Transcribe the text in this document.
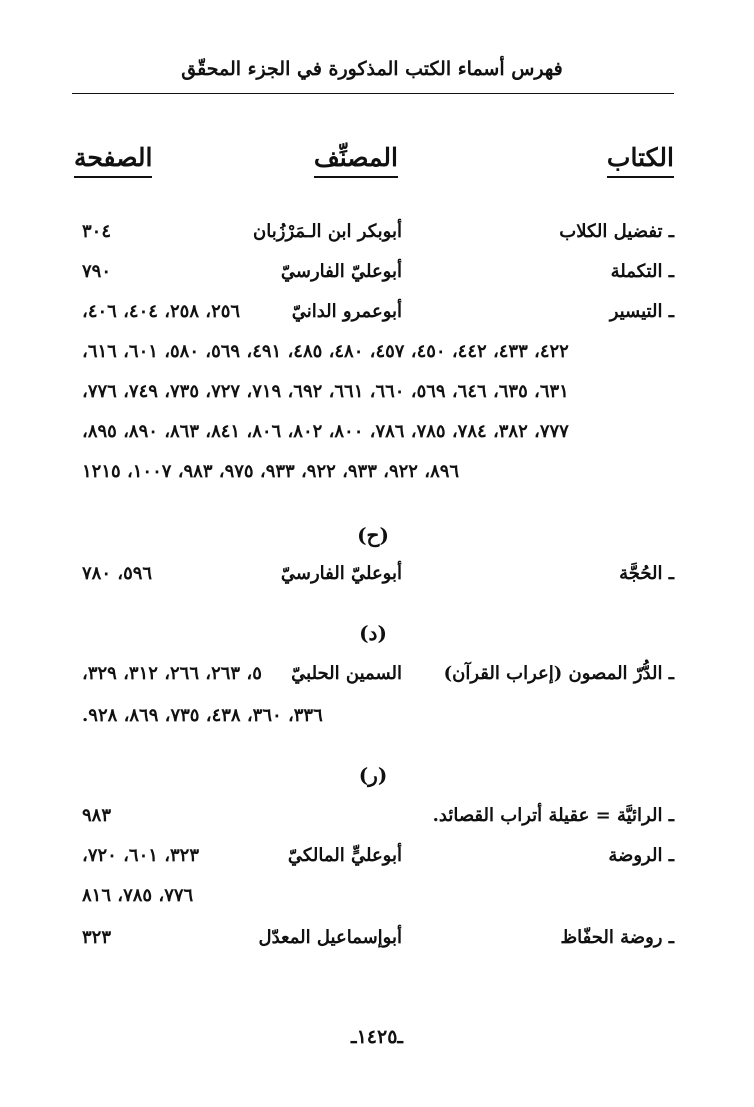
فهرس أسماء الكتب المذكورة في الجزء المحقّق
الكتاب
المصنِّف
الصفحة
ـ تفضيل الكلاب
أبوبكر ابن الـمَرْزُبان
٣٠٤
ـ التكملة
أبوعليّ الفارسيّ
٧٩٠
ـ التيسير
أبوعمرو الدانيّ
٢٥٦، ٢٥٨، ٤٠٤، ٤٠٦،
٤٢٢، ٤٣٣، ٤٤٢، ٤٥٠، ٤٥٧، ٤٨٠، ٤٨٥، ٤٩١، ٥٦٩، ٥٨٠، ٦٠١، ٦١٦،
٦٣١، ٦٣٥، ٦٤٦، ٥٦٩، ٦٦٠، ٦٦١، ٦٩٢، ٧١٩، ٧٢٧، ٧٣٥، ٧٤٩، ٧٧٦،
٧٧٧، ٣٨٢، ٧٨٤، ٧٨٥، ٧٨٦، ٨٠٠، ٨٠٢، ٨٠٦، ٨٤١، ٨٦٣، ٨٩٠، ٨٩٥،
٨٩٦، ٩٢٢، ٩٣٣، ٩٢٢، ٩٣٣، ٩٧٥، ٩٨٣، ١٠٠٧، ١٢١٥
(ح)
ـ الحُجَّة
أبوعليّ الفارسيّ
٥٩٦، ٧٨٠
(د)
ـ الدُّرّ المصون (إعراب القرآن)
السمين الحلبيّ
٥، ٢٦٣، ٢٦٦، ٣١٢، ٣٢٩،
٣٣٦، ٣٦٠، ٤٣٨، ٧٣٥، ٨٦٩، ٩٢٨.
(ر)
ـ الرائيَّة = عقيلة أتراب القصائد.
٩٨٣
ـ الروضة
أبوعليٍّ المالكيّ
٣٢٣، ٦٠١، ٧٢٠،
٧٧٦، ٧٨٥، ٨١٦
ـ روضة الحفّاظ
أبوإسماعيل المعدّل
٣٢٣
ـ١٤٢٥ـ
